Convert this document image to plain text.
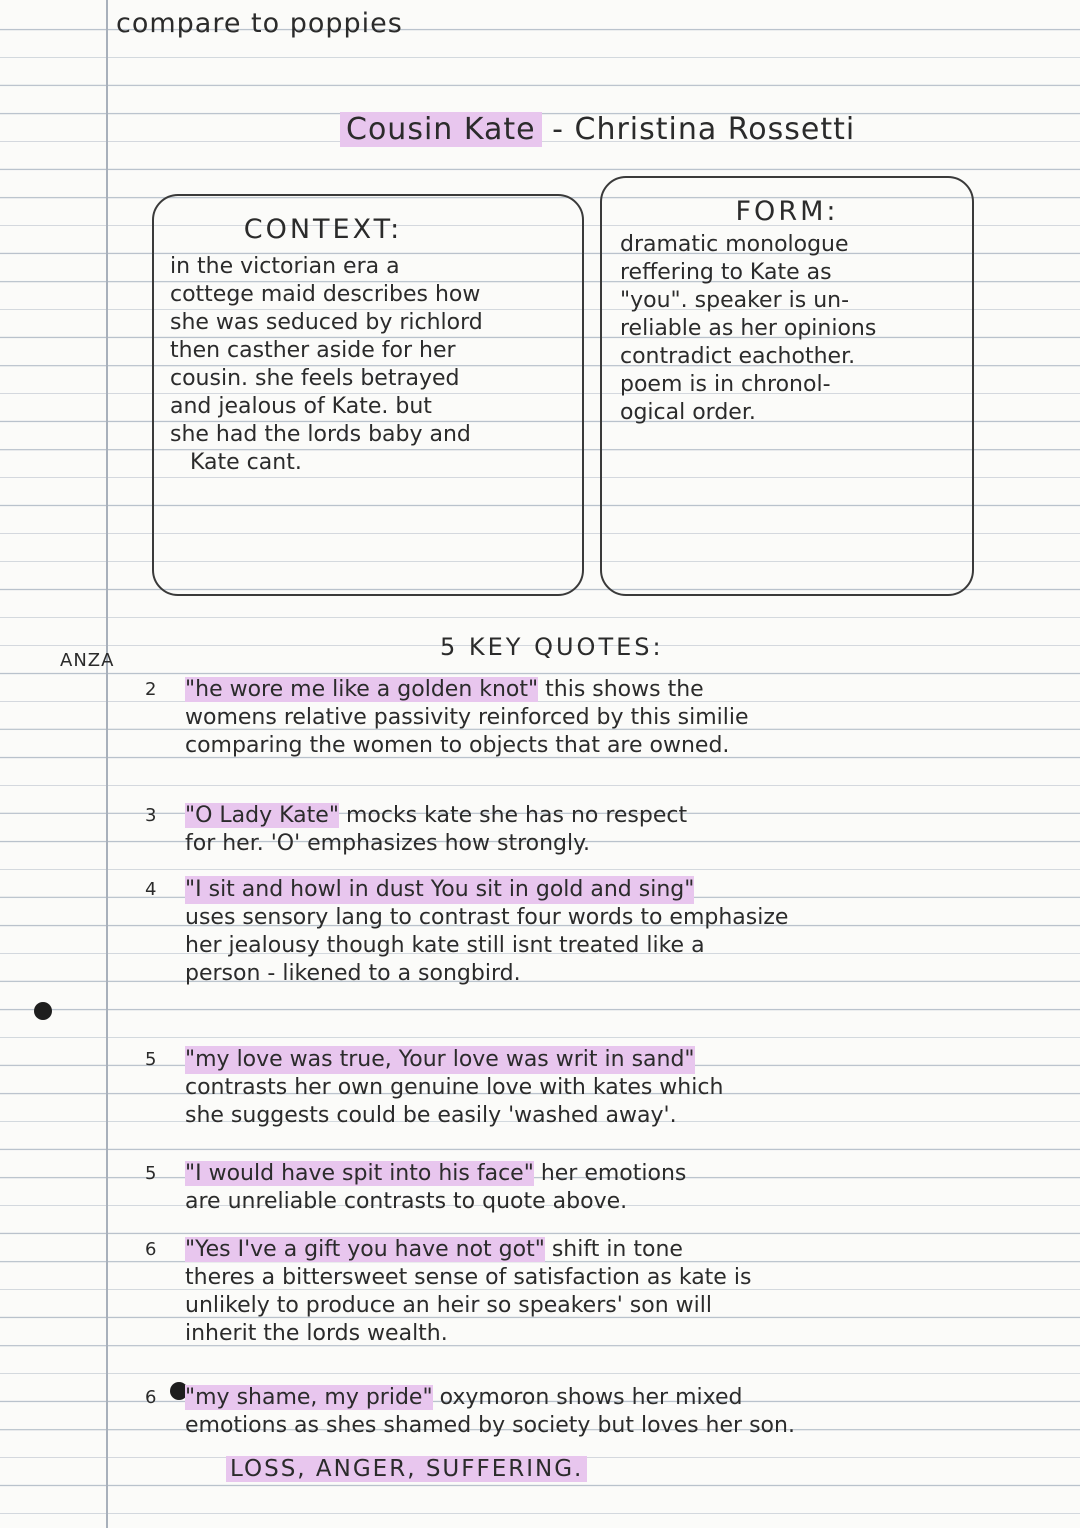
compare to poppies
Cousin Kate - Christina Rossetti
CONTEXT:
in the victorian era a
cottege maid describes how
she was seduced by richlord
then casther aside for her
cousin. she feels betrayed
and jealous of Kate. but
she had the lords baby and
Kate cant.
FORM:
dramatic monologue
reffering to Kate as
"you". speaker is un-
reliable as her opinions
contradict eachother.
poem is in chronol-
ogical order.
ANZA	5 KEY QUOTES:
2 "he wore me like a golden knot" this shows the
womens relative passivity reinforced by this similie
comparing the women to objects that are owned.
3 "O Lady Kate" mocks kate she has no respect
for her. 'O' emphasizes how strongly.
4 "I sit and howl in dust You sit in gold and sing"
uses sensory lang to contrast four words to emphasize
her jealousy though kate still isnt treated like a
person - likened to a songbird.
5 "my love was true, Your love was writ in sand"
contrasts her own genuine love with kates which
she suggests could be easily 'washed away'.
5 "I would have spit into his face" her emotions
are unreliable contrasts to quote above.
6 "Yes I've a gift you have not got" shift in tone
theres a bittersweet sense of satisfaction as kate is
unlikely to produce an heir so speakers' son will
inherit the lords wealth.
6 "my shame, my pride" oxymoron shows her mixed
emotions as shes shamed by society but loves her son.
LOSS, ANGER, SUFFERING.
